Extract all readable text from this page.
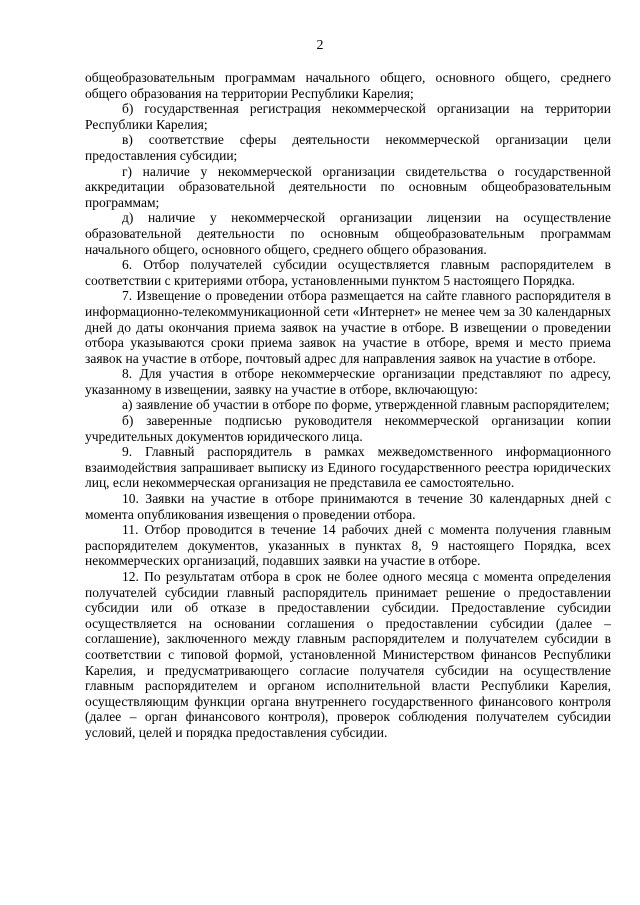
2

общеобразовательным программам начального общего, основного общего, среднего общего образования на территории Республики Карелия;

б) государственная регистрация некоммерческой организации на территории Республики Карелия;

в) соответствие сферы деятельности некоммерческой организации цели предоставления субсидии;

г) наличие у некоммерческой организации свидетельства о государственной аккредитации образовательной деятельности по основным общеобразовательным программам;

д) наличие у некоммерческой организации лицензии на осуществление образовательной деятельности по основным общеобразовательным программам начального общего, основного общего, среднего общего образования.

6. Отбор получателей субсидии осуществляется главным распорядителем в соответствии с критериями отбора, установленными пунктом 5 настоящего Порядка.

7. Извещение о проведении отбора размещается на сайте главного распорядителя в информационно-телекоммуникационной сети «Интернет» не менее чем за 30 календарных дней до даты окончания приема заявок на участие в отборе. В извещении о проведении отбора указываются сроки приема заявок на участие в отборе, время и место приема заявок на участие в отборе, почтовый адрес для направления заявок на участие в отборе.

8. Для участия в отборе некоммерческие организации представляют по адресу, указанному в извещении, заявку на участие в отборе, включающую:

а) заявление об участии в отборе по форме, утвержденной главным распорядителем;

б) заверенные подписью руководителя некоммерческой организации копии учредительных документов юридического лица.

9. Главный распорядитель в рамках межведомственного информационного взаимодействия запрашивает выписку из Единого государственного реестра юридических лиц, если некоммерческая организация не представила ее самостоятельно.

10. Заявки на участие в отборе принимаются в течение 30 календарных дней с момента опубликования извещения о проведении отбора.

11. Отбор проводится в течение 14 рабочих дней с момента получения главным распорядителем документов, указанных в пунктах 8, 9 настоящего Порядка, всех некоммерческих организаций, подавших заявки на участие в отборе.

12. По результатам отбора в срок не более одного месяца с момента определения получателей субсидии главный распорядитель принимает решение о предоставлении субсидии или об отказе в предоставлении субсидии. Предоставление субсидии осуществляется на основании соглашения о предоставлении субсидии (далее – соглашение), заключенного между главным распорядителем и получателем субсидии в соответствии с типовой формой, установленной Министерством финансов Республики Карелия, и предусматривающего согласие получателя субсидии на осуществление главным распорядителем и органом исполнительной власти Республики Карелия, осуществляющим функции органа внутреннего государственного финансового контроля (далее – орган финансового контроля), проверок соблюдения получателем субсидии условий, целей и порядка предоставления субсидии.
